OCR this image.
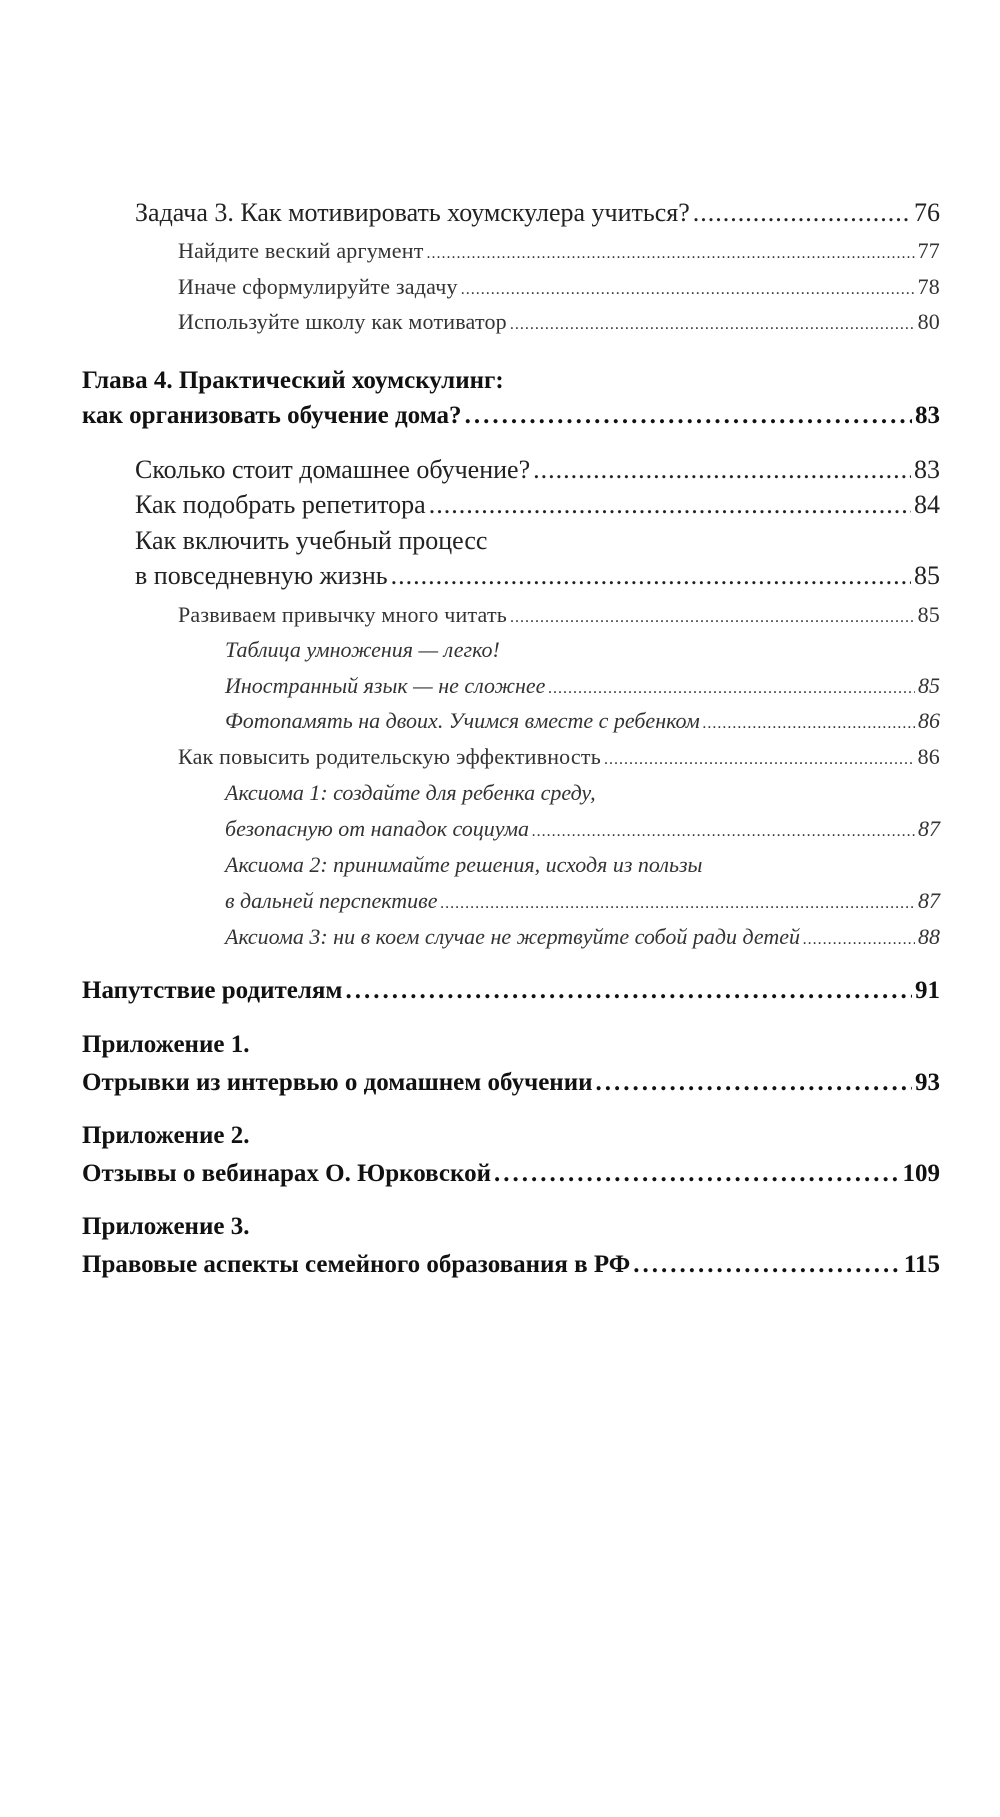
Задача 3. Как мотивировать хоумскулера учиться? .....	76
Найдите веский аргумент .....	77
Иначе сформулируйте задачу .....	78
Используйте школу как мотиватор .....	80
Глава 4. Практический хоумскулинг:
как организовать обучение дома? .....	83
Сколько стоит домашнее обучение? .....	83
Как подобрать репетитора .....	84
Как включить учебный процесс
в повседневную жизнь .....	85
Развиваем привычку много читать .....	85
Таблица умножения — легко!
Иностранный язык — не сложнее .....	85
Фотопамять на двоих. Учимся вместе с ребенком .....	86
Как повысить родительскую эффективность .....	86
Аксиома 1: создайте для ребенка среду,
безопасную от нападок социума .....	87
Аксиома 2: принимайте решения, исходя из пользы
в дальней перспективе .....	87
Аксиома 3: ни в коем случае не жертвуйте собой ради детей .....	88
Напутствие родителям .....	91
Приложение 1.
Отрывки из интервью о домашнем обучении .....	93
Приложение 2.
Отзывы о вебинарах О. Юрковской .....	109
Приложение 3.
Правовые аспекты семейного образования в РФ .....	115
